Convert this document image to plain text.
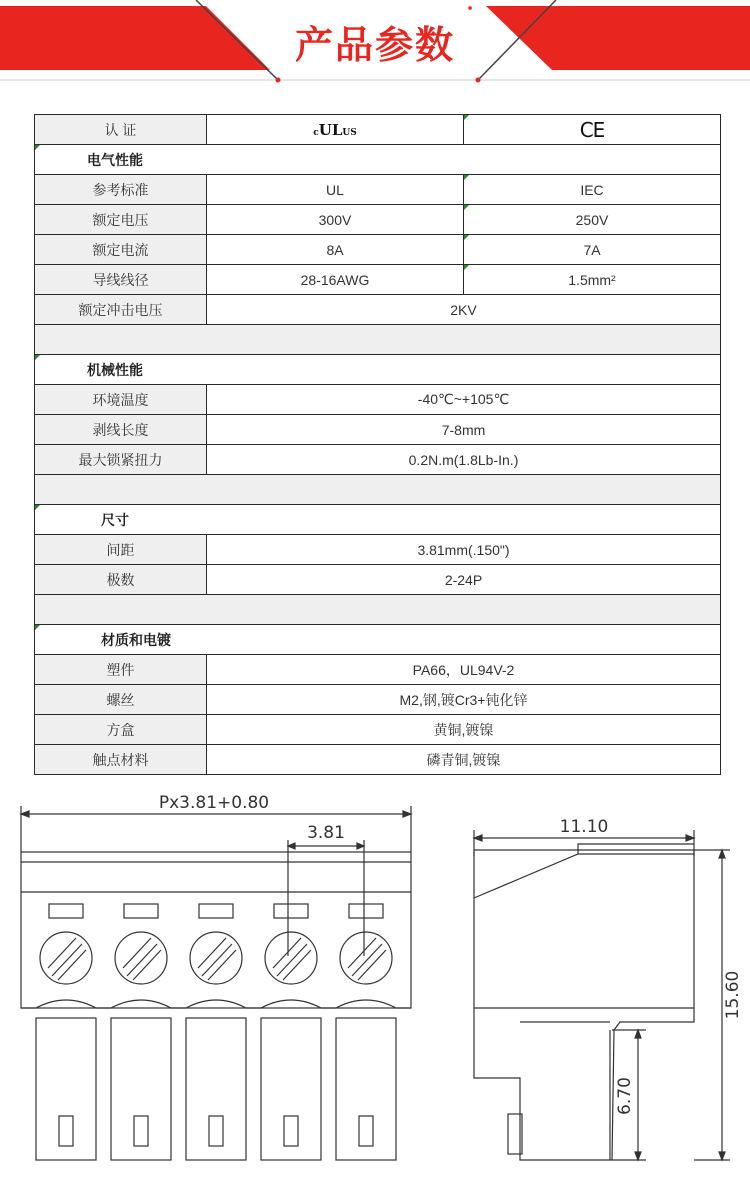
产品参数
认 证	cULUS	CE
电气性能		
参考标准	UL	IEC
额定电压	300V	250V
额定电流	8A	7A
导线线径	28-16AWG	1.5mm²
额定冲击电压	2KV	

机械性能		
环境温度	-40℃~+105℃	
剥线长度	7-8mm	
最大锁紧扭力	0.2N.m(1.8Lb-In.)	

尺寸		
间距	3.81mm(.150")	
极数	2-24P	

材质和电镀		
塑件	PA66，UL94V-2	
螺丝	M2,钢,镀Cr3+钝化锌	
方盒	黄铜,镀镍	
触点材料	磷青铜,镀镍	
Px3.81+0.80
3.81	11.10
15.60
6.70
